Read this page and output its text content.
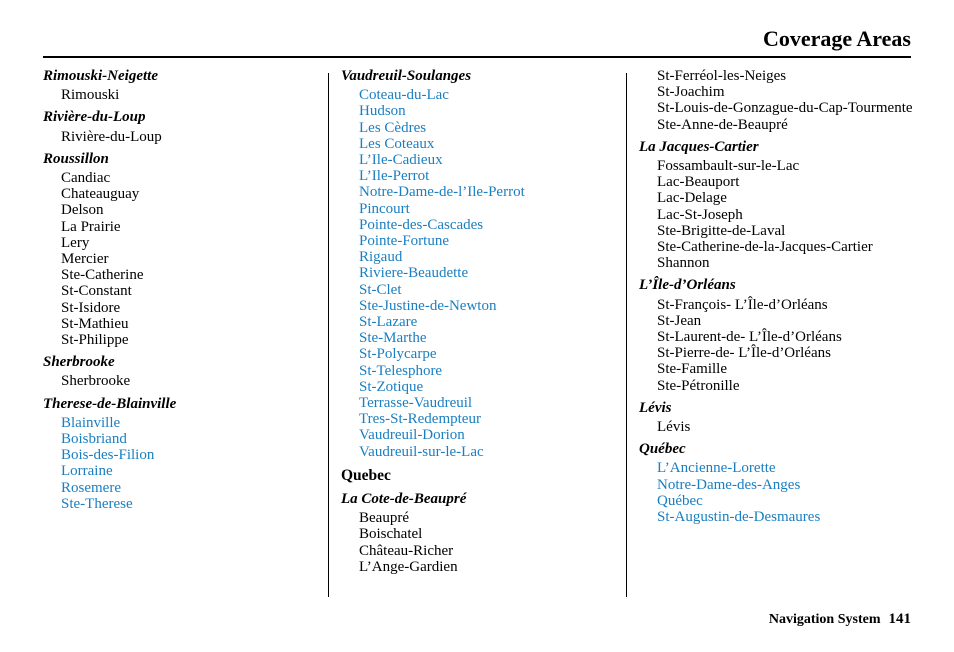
Coverage Areas
Rimouski-Neigette
Rimouski
Rivière-du-Loup
Rivière-du-Loup
Roussillon
Candiac
Chateauguay
Delson
La Prairie
Lery
Mercier
Ste-Catherine
St-Constant
St-Isidore
St-Mathieu
St-Philippe
Sherbrooke
Sherbrooke
Therese-de-Blainville
Blainville
Boisbriand
Bois-des-Filion
Lorraine
Rosemere
Ste-Therese
Vaudreuil-Soulanges
Coteau-du-Lac
Hudson
Les Cèdres
Les Coteaux
L’Ile-Cadieux
L’Ile-Perrot
Notre-Dame-de-l’Ile-Perrot
Pincourt
Pointe-des-Cascades
Pointe-Fortune
Rigaud
Riviere-Beaudette
St-Clet
Ste-Justine-de-Newton
St-Lazare
Ste-Marthe
St-Polycarpe
St-Telesphore
St-Zotique
Terrasse-Vaudreuil
Tres-St-Redempteur
Vaudreuil-Dorion
Vaudreuil-sur-le-Lac
Quebec
La Cote-de-Beaupré
Beaupré
Boischatel
Château-Richer
L’Ange-Gardien
St-Ferréol-les-Neiges
St-Joachim
St-Louis-de-Gonzague-du-Cap-Tourmente
Ste-Anne-de-Beaupré
La Jacques-Cartier
Fossambault-sur-le-Lac
Lac-Beauport
Lac-Delage
Lac-St-Joseph
Ste-Brigitte-de-Laval
Ste-Catherine-de-la-Jacques-Cartier
Shannon
L’Île-d’Orléans
St-François- L’Île-d’Orléans
St-Jean
St-Laurent-de- L’Île-d’Orléans
St-Pierre-de- L’Île-d’Orléans
Ste-Famille
Ste-Pétronille
Lévis
Lévis
Québec
L’Ancienne-Lorette
Notre-Dame-des-Anges
Québec
St-Augustin-de-Desmaures
Navigation System 141
